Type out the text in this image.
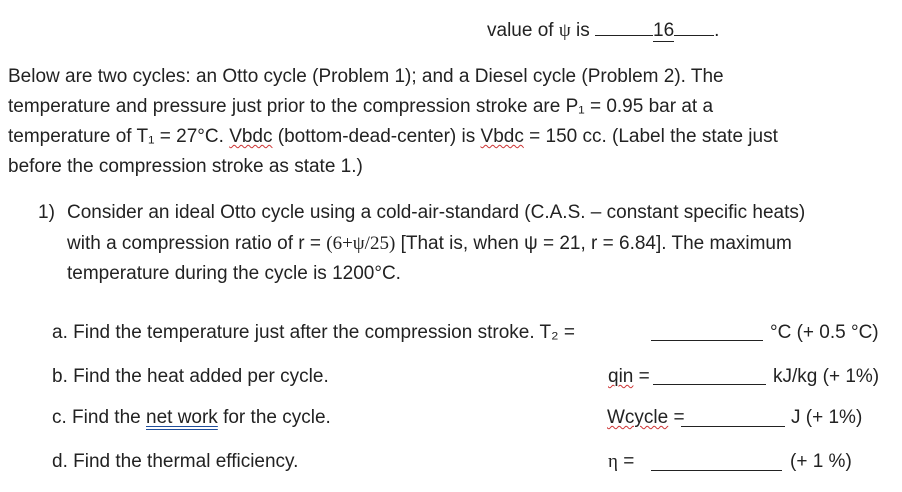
value of ψ is	16 .
Below are two cycles: an Otto cycle (Problem 1); and a Diesel cycle (Problem 2). The
temperature and pressure just prior to the compression stroke are P₁ = 0.95 bar at a
temperature of T₁ = 27°C. Vbdc (bottom-dead-center) is Vbdc = 150 cc. (Label the state just
before the compression stroke as state 1.)
1) Consider an ideal Otto cycle using a cold-air-standard (C.A.S. – constant specific heats)
with a compression ratio of r = (6+ψ/25) [That is, when ψ = 21, r = 6.84]. The maximum
temperature during the cycle is 1200°C.
a. Find the temperature just after the compression stroke. T₂ =	°C (+ 0.5 °C)
b. Find the heat added per cycle.	qin =	kJ/kg (+ 1%)
c. Find the net work for the cycle.	Wcycle =	J (+ 1%)
d. Find the thermal efficiency.	η =	(+ 1 %)
